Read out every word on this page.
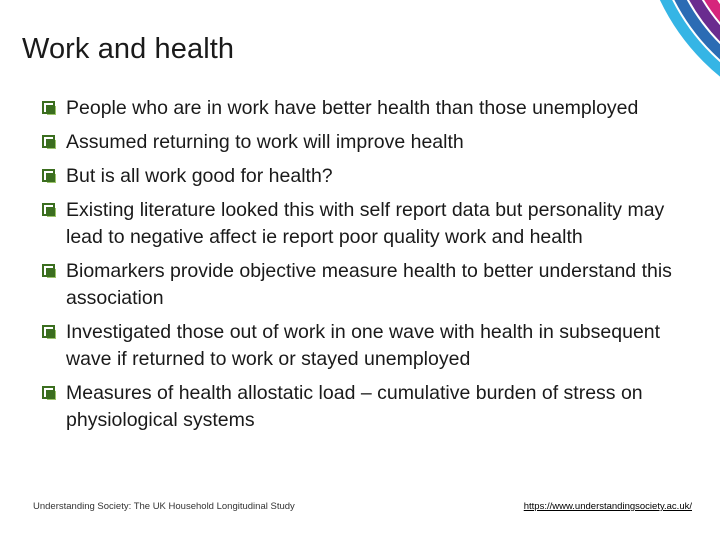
Work and health
People who are in work have better health than those unemployed
Assumed returning to work will improve health
But is all work good for health?
Existing literature looked this with self report data but personality may lead to negative affect ie report poor quality work and health
Biomarkers provide objective measure health to better understand this association
Investigated those out of work in one wave with health in subsequent wave if returned to work or stayed unemployed
Measures of health allostatic load – cumulative burden of stress on physiological systems
Understanding Society: The UK Household Longitudinal Study	https://www.understandingsociety.ac.uk/
